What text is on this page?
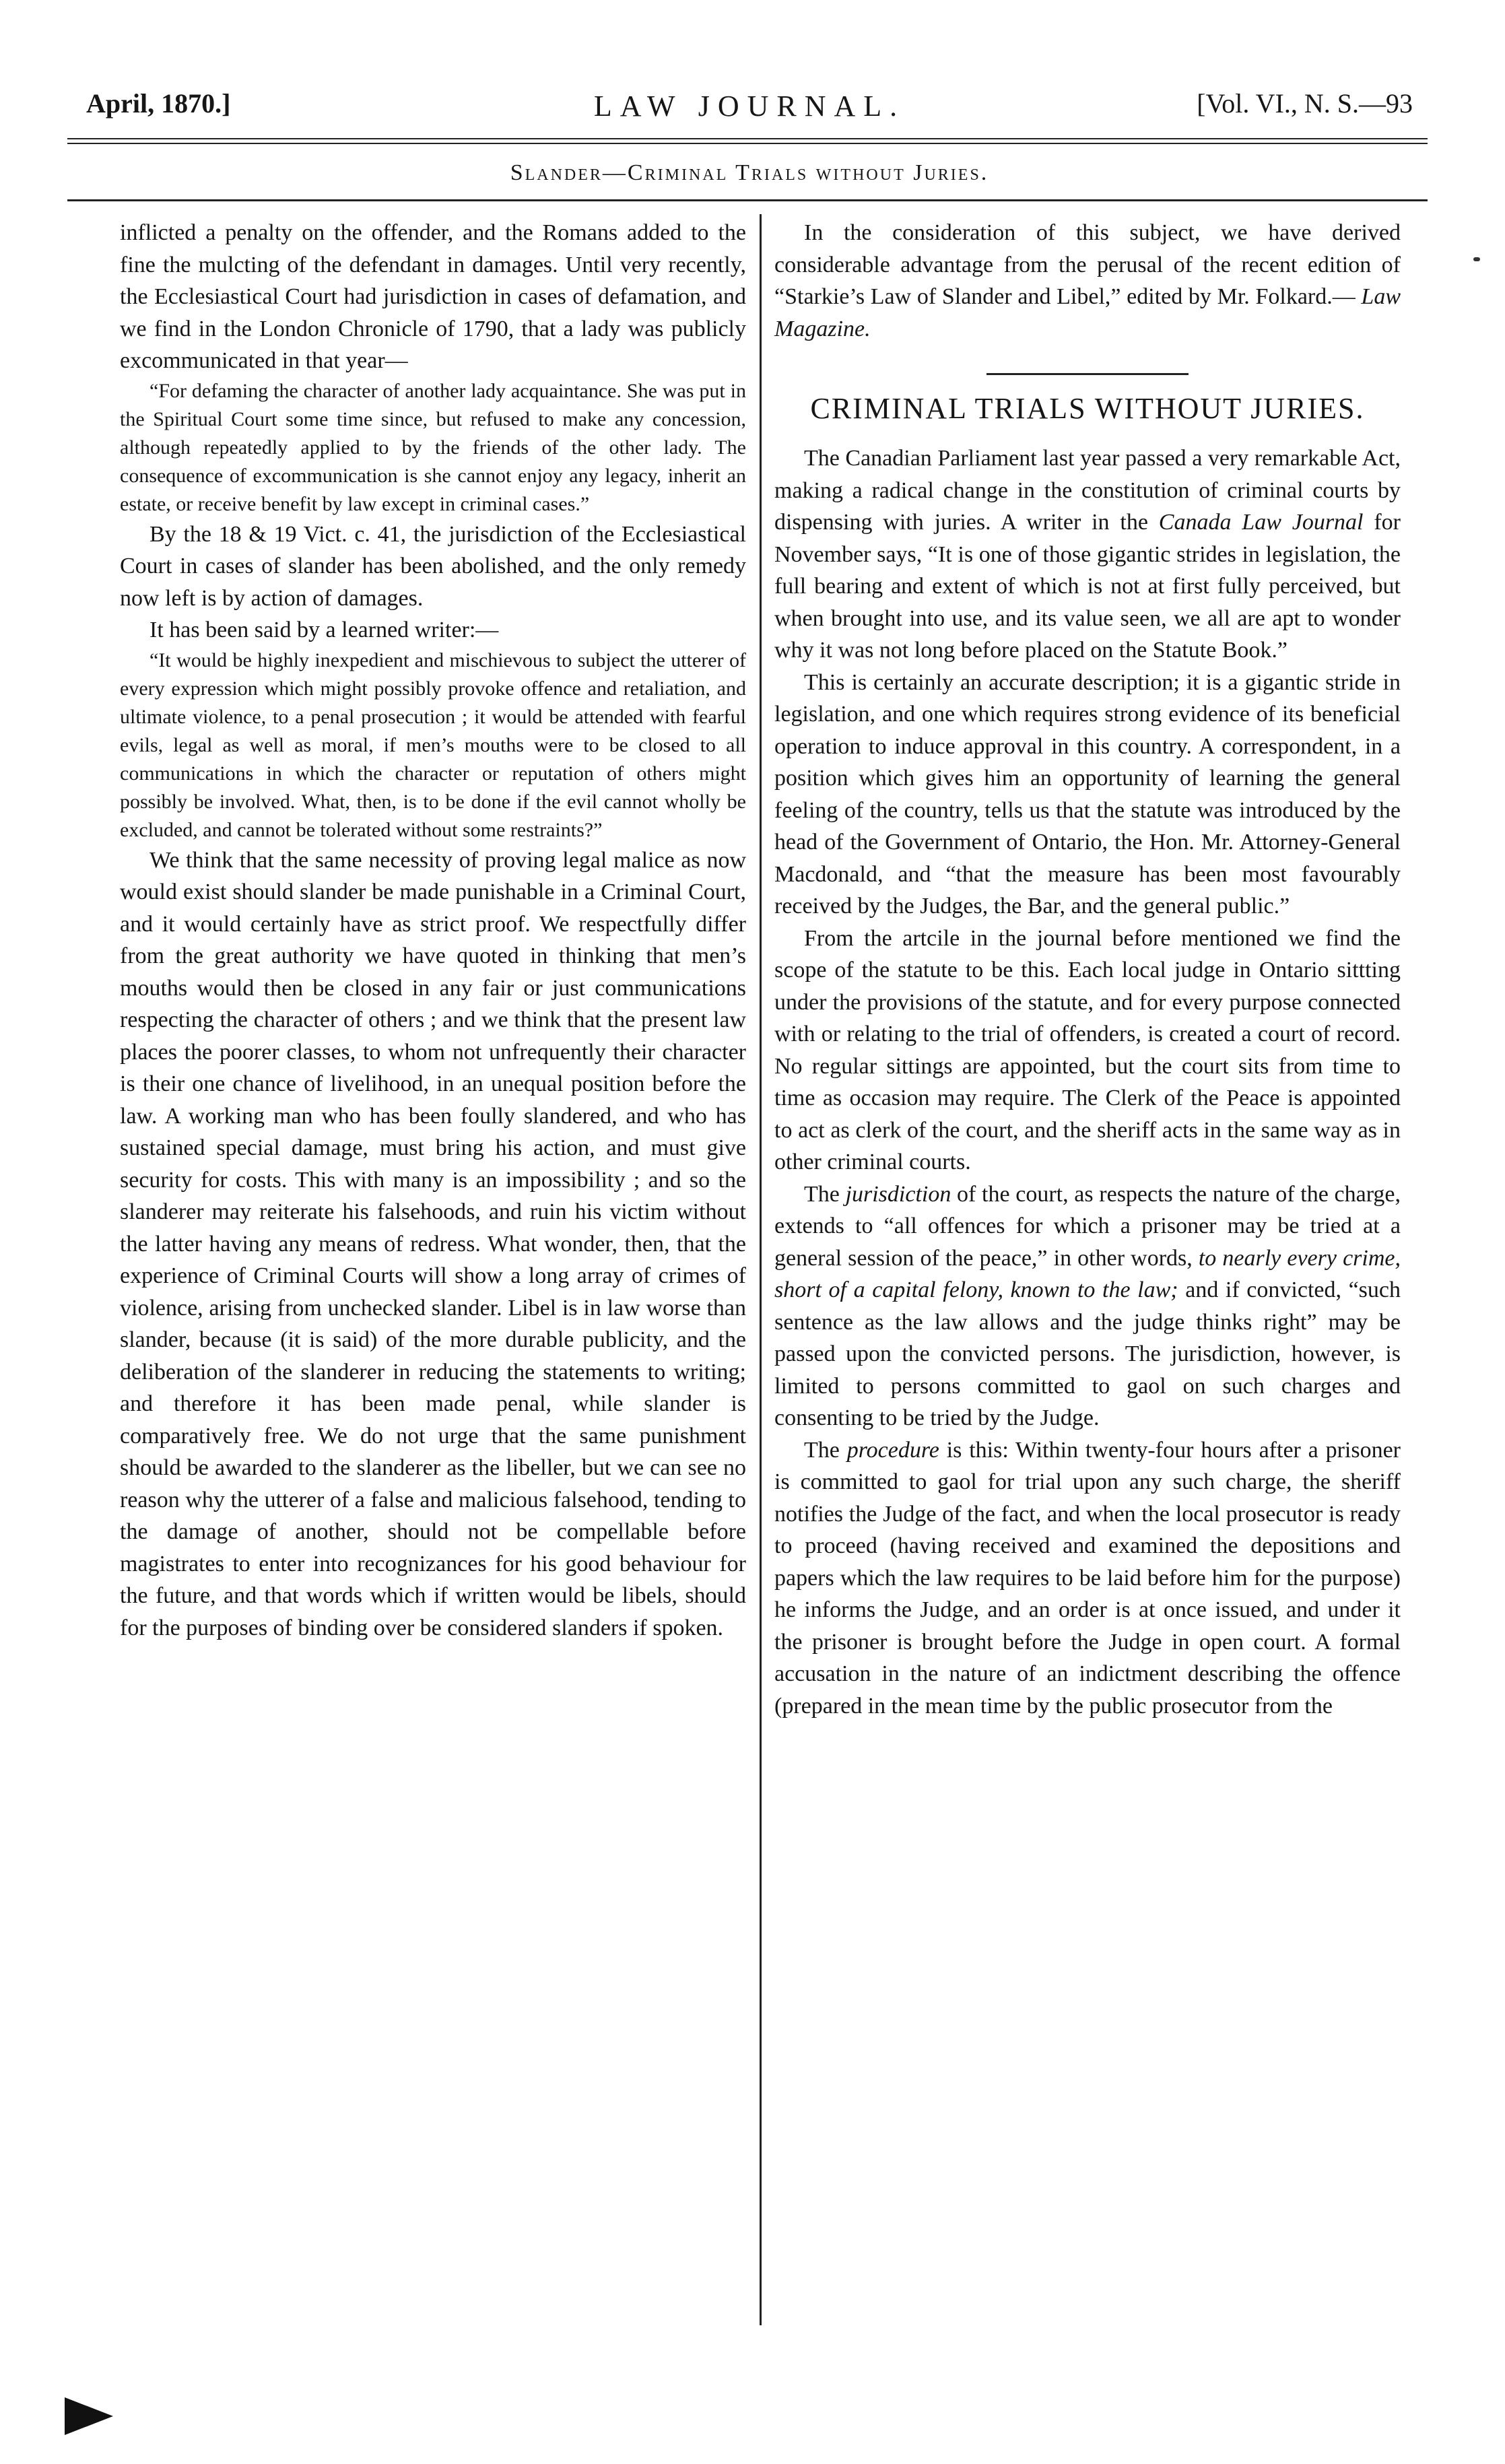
April, 1870.]	LAW JOURNAL.	[Vol. VI., N. S.—93
Slander—Criminal Trials without Juries.

inflicted a penalty on the offender, and the Romans added to the fine the mulcting of the defendant in damages. Until very recently, the Ecclesiastical Court had jurisdiction in cases of defamation, and we find in the London Chronicle of 1790, that a lady was publicly excommunicated in that year—

“For defaming the character of another lady acquaintance. She was put in the Spiritual Court some time since, but refused to make any concession, although repeatedly applied to by the friends of the other lady. The consequence of excommunication is she cannot enjoy any legacy, inherit an estate, or receive benefit by law except in criminal cases.”

By the 18 & 19 Vict. c. 41, the jurisdiction of the Ecclesiastical Court in cases of slander has been abolished, and the only remedy now left is by action of damages.

It has been said by a learned writer:—

“It would be highly inexpedient and mischievous to subject the utterer of every expression which might possibly provoke offence and retaliation, and ultimate violence, to a penal prosecution ; it would be attended with fearful evils, legal as well as moral, if men’s mouths were to be closed to all communications in which the character or reputation of others might possibly be involved. What, then, is to be done if the evil cannot wholly be excluded, and cannot be tolerated without some restraints?”

We think that the same necessity of proving legal malice as now would exist should slander be made punishable in a Criminal Court, and it would certainly have as strict proof. We respectfully differ from the great authority we have quoted in thinking that men’s mouths would then be closed in any fair or just communications respecting the character of others ; and we think that the present law places the poorer classes, to whom not unfrequently their character is their one chance of livelihood, in an unequal position before the law. A working man who has been foully slandered, and who has sustained special damage, must bring his action, and must give security for costs. This with many is an impossibility ; and so the slanderer may reiterate his falsehoods, and ruin his victim without the latter having any means of redress. What wonder, then, that the experience of Criminal Courts will show a long array of crimes of violence, arising from unchecked slander. Libel is in law worse than slander, because (it is said) of the more durable publicity, and the deliberation of the slanderer in reducing the statements to writing; and therefore it has been made penal, while slander is comparatively free. We do not urge that the same punishment should be awarded to the slanderer as the libeller, but we can see no reason why the utterer of a false and malicious falsehood, tending to the damage of another, should not be compellable before magistrates to enter into recognizances for his good behaviour for the future, and that words which if written would be libels, should for the purposes of binding over be considered slanders if spoken.

In the consideration of this subject, we have derived considerable advantage from the perusal of the recent edition of “Starkie’s Law of Slander and Libel,” edited by Mr. Folkard.— Law Magazine.

CRIMINAL TRIALS WITHOUT JURIES.

The Canadian Parliament last year passed a very remarkable Act, making a radical change in the constitution of criminal courts by dispensing with juries. A writer in the Canada Law Journal for November says, “It is one of those gigantic strides in legislation, the full bearing and extent of which is not at first fully perceived, but when brought into use, and its value seen, we all are apt to wonder why it was not long before placed on the Statute Book.”

This is certainly an accurate description; it is a gigantic stride in legislation, and one which requires strong evidence of its beneficial operation to induce approval in this country. A correspondent, in a position which gives him an opportunity of learning the general feeling of the country, tells us that the statute was introduced by the head of the Government of Ontario, the Hon. Mr. Attorney-General Macdonald, and “that the measure has been most favourably received by the Judges, the Bar, and the general public.”

From the artcile in the journal before mentioned we find the scope of the statute to be this. Each local judge in Ontario sittting under the provisions of the statute, and for every purpose connected with or relating to the trial of offenders, is created a court of record. No regular sittings are appointed, but the court sits from time to time as occasion may require. The Clerk of the Peace is appointed to act as clerk of the court, and the sheriff acts in the same way as in other criminal courts.

The jurisdiction of the court, as respects the nature of the charge, extends to “all offences for which a prisoner may be tried at a general session of the peace,” in other words, to nearly every crime, short of a capital felony, known to the law; and if convicted, “such sentence as the law allows and the judge thinks right” may be passed upon the convicted persons. The jurisdiction, however, is limited to persons committed to gaol on such charges and consenting to be tried by the Judge.

The procedure is this: Within twenty-four hours after a prisoner is committed to gaol for trial upon any such charge, the sheriff notifies the Judge of the fact, and when the local prosecutor is ready to proceed (having received and examined the depositions and papers which the law requires to be laid before him for the purpose) he informs the Judge, and an order is at once issued, and under it the prisoner is brought before the Judge in open court. A formal accusation in the nature of an indictment describing the offence (prepared in the mean time by the public prosecutor from the
